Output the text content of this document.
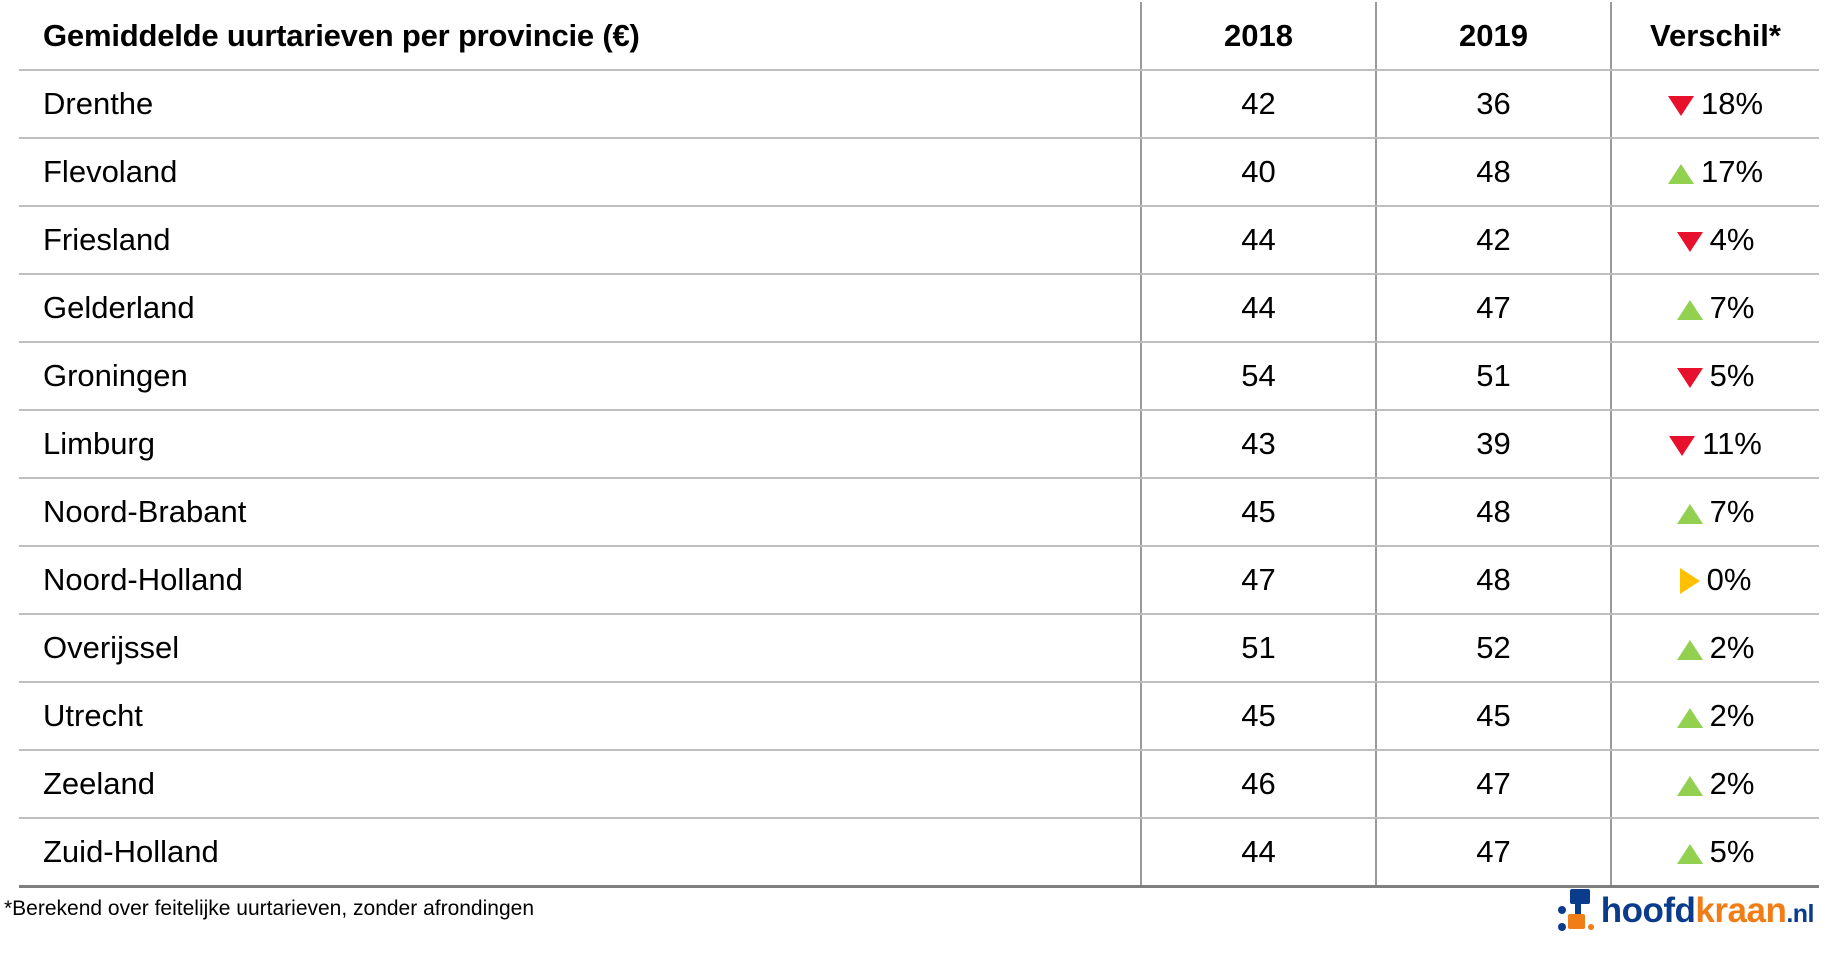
Gemiddelde uurtarieven per provincie (€)	2018	2019	Verschil*
Drenthe	42	36	18%
Flevoland	40	48	17%
Friesland	44	42	4%
Gelderland	44	47	7%
Groningen	54	51	5%
Limburg	43	39	11%
Noord-Brabant	45	48	7%
Noord-Holland	47	48	0%
Overijssel	51	52	2%
Utrecht	45	45	2%
Zeeland	46	47	2%
Zuid-Holland	44	47	5%
*Berekend over feitelijke uurtarieven, zonder afrondingen	hoofdkraan.nl
